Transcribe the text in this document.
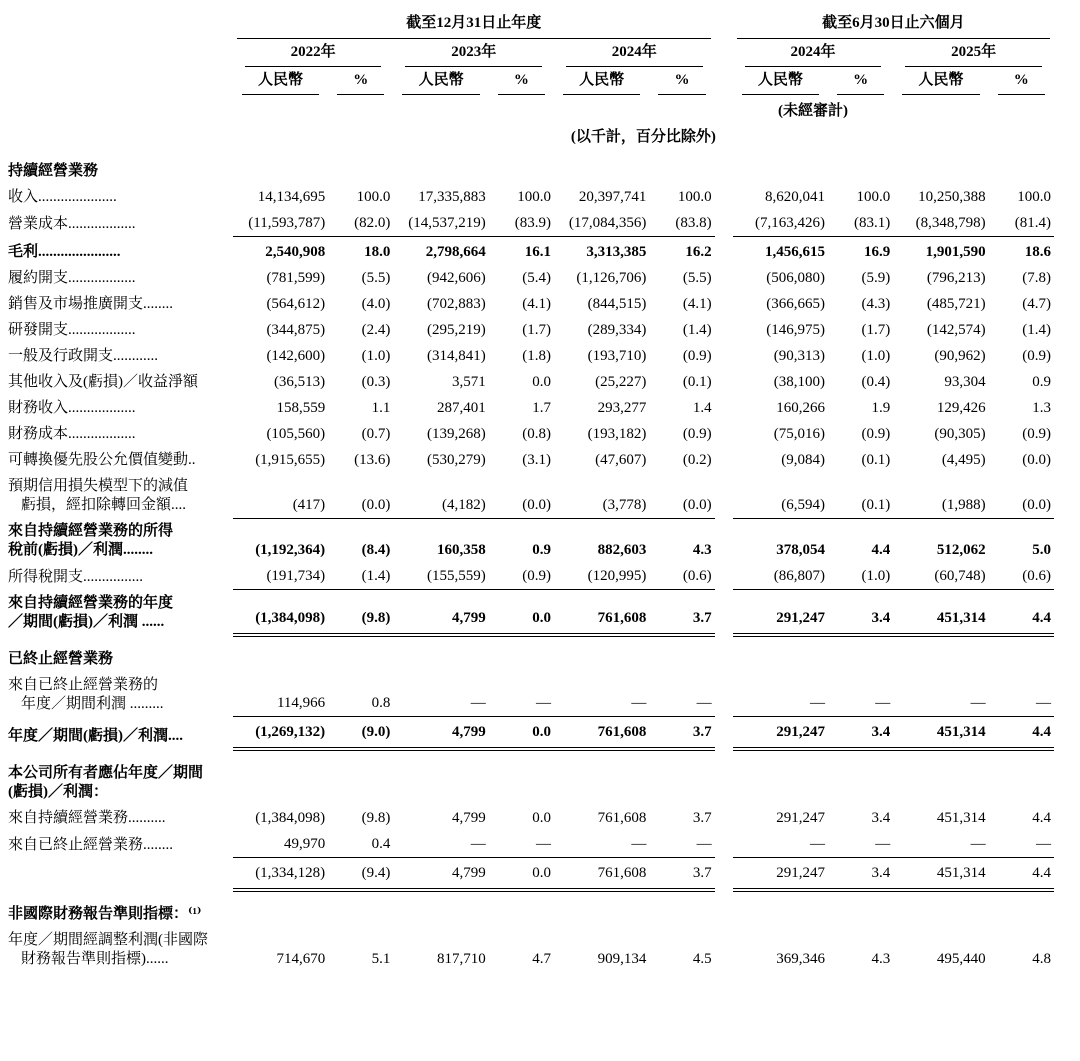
	截至12月31日止年度							截至6月30日止六個月			

	2022年		2023年		2024年			2024年		2025年	

	人民幣	%	人民幣	%	人民幣	%		人民幣	%	人民幣	%

								(未經審計)			
	(以千計，百分比除外)										

持續經營業務											

收入.....................	14,134,695	100.0	17,335,883	100.0	20,397,741	100.0		8,620,041	100.0	10,250,388	100.0

營業成本..................	(11,593,787)	(82.0)	(14,537,219)	(83.9)	(17,084,356)	(83.8)		(7,163,426)	(83.1)	(8,348,798)	(81.4)

毛利......................	2,540,908	18.0	2,798,664	16.1	3,313,385	16.2		1,456,615	16.9	1,901,590	18.6

履約開支..................	(781,599)	(5.5)	(942,606)	(5.4)	(1,126,706)	(5.5)		(506,080)	(5.9)	(796,213)	(7.8)

銷售及市場推廣開支........	(564,612)	(4.0)	(702,883)	(4.1)	(844,515)	(4.1)		(366,665)	(4.3)	(485,721)	(4.7)

研發開支..................	(344,875)	(2.4)	(295,219)	(1.7)	(289,334)	(1.4)		(146,975)	(1.7)	(142,574)	(1.4)

一般及行政開支............	(142,600)	(1.0)	(314,841)	(1.8)	(193,710)	(0.9)		(90,313)	(1.0)	(90,962)	(0.9)

其他收入及(虧損)／收益淨額	(36,513)	(0.3)	3,571	0.0	(25,227)	(0.1)		(38,100)	(0.4)	93,304	0.9

財務收入..................	158,559	1.1	287,401	1.7	293,277	1.4		160,266	1.9	129,426	1.3

財務成本..................	(105,560)	(0.7)	(139,268)	(0.8)	(193,182)	(0.9)		(75,016)	(0.9)	(90,305)	(0.9)

可轉換優先股公允價值變動..	(1,915,655)	(13.6)	(530,279)	(3.1)	(47,607)	(0.2)		(9,084)	(0.1)	(4,495)	(0.0)

預期信用損失模型下的減值
虧損，經扣除轉回金額....	(417)	(0.0)	(4,182)	(0.0)	(3,778)	(0.0)		(6,594)	(0.1)	(1,988)	(0.0)

來自持續經營業務的所得
稅前(虧損)／利潤........	(1,192,364)	(8.4)	160,358	0.9	882,603	4.3		378,054	4.4	512,062	5.0

所得稅開支................	(191,734)	(1.4)	(155,559)	(0.9)	(120,995)	(0.6)		(86,807)	(1.0)	(60,748)	(0.6)

來自持續經營業務的年度
／期間(虧損)／利潤 ......	(1,384,098)	(9.8)	4,799	0.0	761,608	3.7		291,247	3.4	451,314	4.4

已終止經營業務											

來自已終止經營業務的
年度／期間利潤 .........	114,966	0.8	—	—	—	—		—	—	—	—

年度／期間(虧損)／利潤....	(1,269,132)	(9.0)	4,799	0.0	761,608	3.7		291,247	3.4	451,314	4.4

本公司所有者應佔年度／期間
(虧損)／利潤：											

來自持續經營業務..........	(1,384,098)	(9.8)	4,799	0.0	761,608	3.7		291,247	3.4	451,314	4.4

來自已終止經營業務........	49,970	0.4	—	—	—	—		—	—	—	—

	(1,334,128)	(9.4)	4,799	0.0	761,608	3.7		291,247	3.4	451,314	4.4

非國際財務報告準則指標：⁽¹⁾											

年度／期間經調整利潤(非國際
財務報告準則指標)......	714,670	5.1	817,710	4.7	909,134	4.5		369,346	4.3	495,440	4.8
